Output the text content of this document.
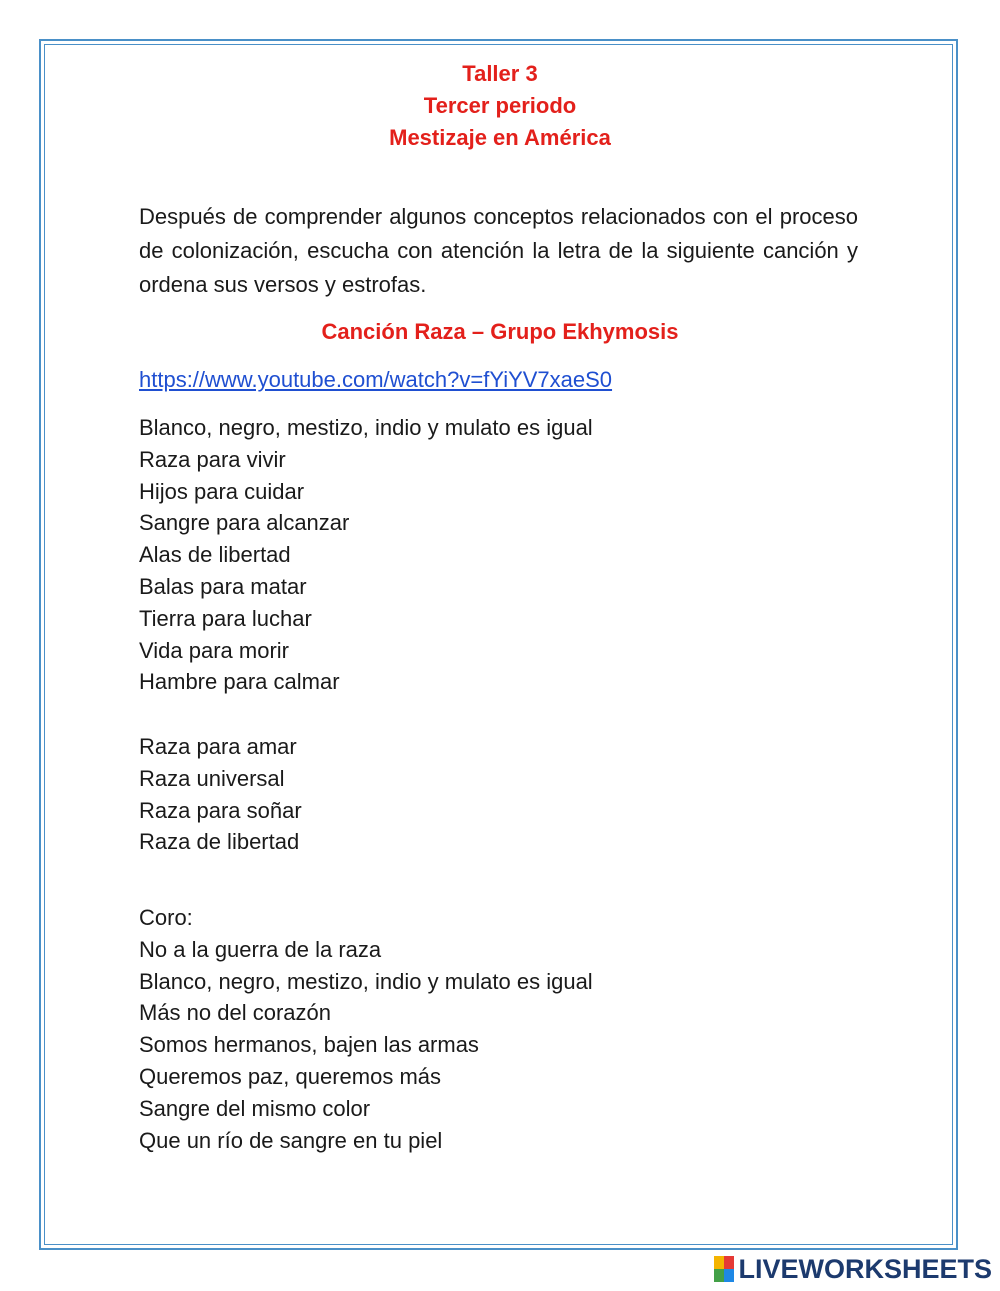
Taller 3
Tercer periodo
Mestizaje en América
Después de comprender algunos conceptos relacionados con el proceso de colonización, escucha con atención la letra de la siguiente canción y ordena sus versos y estrofas.
Canción Raza – Grupo Ekhymosis
https://www.youtube.com/watch?v=fYiYV7xaeS0
Blanco, negro, mestizo, indio y mulato es igual
Raza para vivir
Hijos para cuidar
Sangre para alcanzar
Alas de libertad
Balas para matar
Tierra para luchar
Vida para morir
Hambre para calmar
Raza para amar
Raza universal
Raza para soñar
Raza de libertad
Coro:
No a la guerra de la raza
Blanco, negro, mestizo, indio y mulato es igual
Más no del corazón
Somos hermanos, bajen las armas
Queremos paz, queremos más
Sangre del mismo color
Que un río de sangre en tu piel
LIVEWORKSHEETS
